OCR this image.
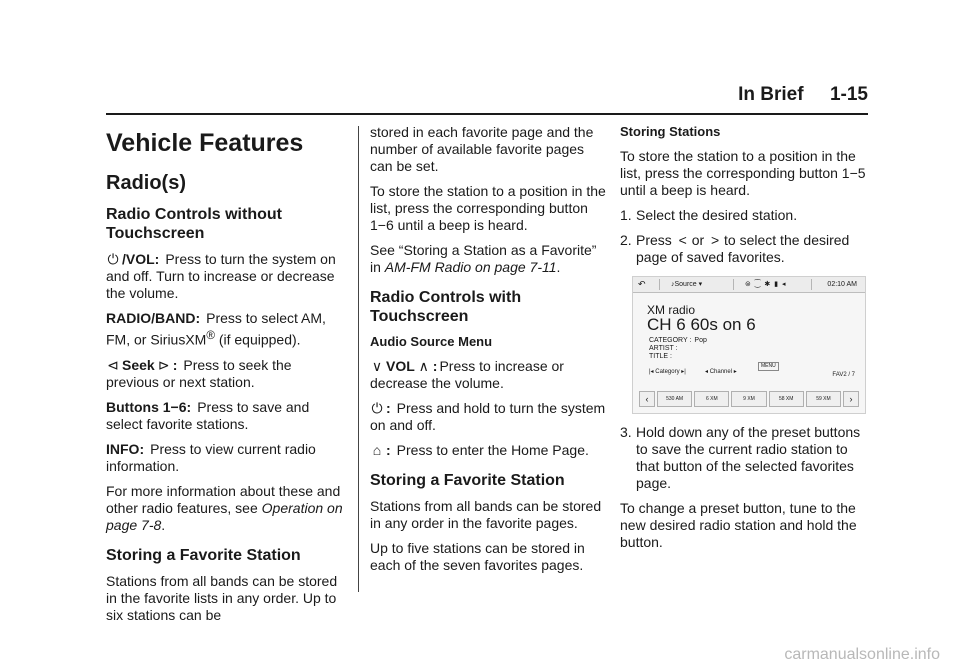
In Brief     1-15
Vehicle Features
Radio(s)
Radio Controls without Touchscreen

⏻ /VOL: Press to turn the system on and off. Turn to increase or decrease the volume.

RADIO/BAND: Press to select AM, FM, or SiriusXM® (if equipped).

⊲ Seek ⊳ : Press to seek the previous or next station.

Buttons 1−6: Press to save and select favorite stations.

INFO: Press to view current radio information.

For more information about these and other radio features, see Operation on page 7-8.

Storing a Favorite Station

Stations from all bands can be stored in the favorite lists in any order. Up to six stations can be

stored in each favorite page and the number of available favorite pages can be set.

To store the station to a position in the list, press the corresponding button 1−6 until a beep is heard.

See “Storing a Station as a Favorite” in AM-FM Radio on page 7-11.

Radio Controls with Touchscreen
Audio Source Menu

∨ VOL ∧ : Press to increase or decrease the volume.

⏻ : Press and hold to turn the system on and off.

⌂ : Press to enter the Home Page.

Storing a Favorite Station

Stations from all bands can be stored in any order in the favorite pages.

Up to five stations can be stored in each of the seven favorites pages.

Storing Stations

To store the station to a position in the list, press the corresponding button 1−5 until a beep is heard.

1. Select the desired station.
2. Press < or > to select the desired page of saved favorites.
↶	♪Source ▾	⊜ ⁐ ✱ ▮ ◂	02:10 AM
XM radio
CH 6 60s on 6
CATEGORY : Pop
ARTIST :
TITLE :
|◂ Category ▸|	◂ Channel ▸
MENU
FAV2 / 7
‹	530 AM	6 XM	9 XM	58 XM	59 XM	›
3. Hold down any of the preset buttons to save the current radio station to that button of the selected favorites page.

To change a preset button, tune to the new desired radio station and hold the button.

carmanualsonline.info
